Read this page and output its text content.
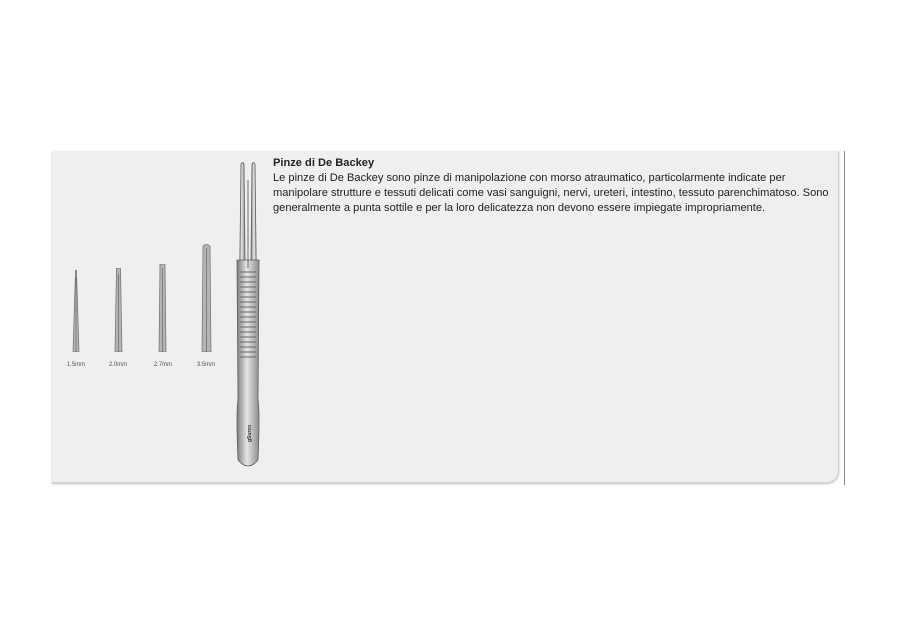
1.5mm	2.0mm	2.7mm	3.5mm
gSurco
Pinze di De Backey
Le pinze di De Backey sono pinze di manipolazione con morso atraumatico, particolarmente indicate per manipolare strutture e tessuti delicati come vasi sanguigni, nervi, ureteri, intestino, tessuto parenchimatoso. Sono generalmente a punta sottile e per la loro delicatezza non devono essere impiegate impropriamente.
